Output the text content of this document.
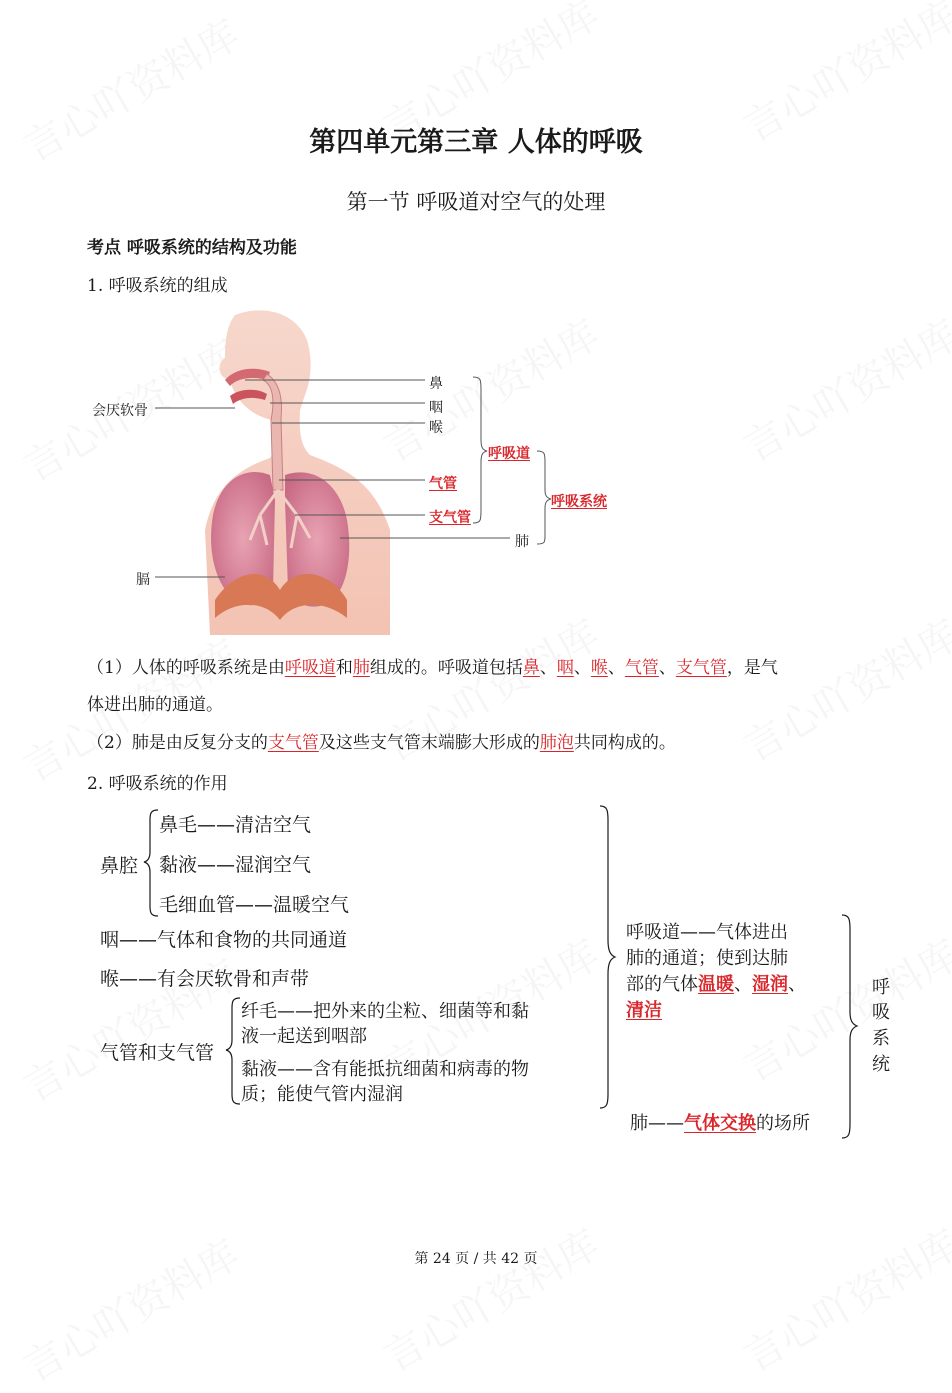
第四单元第三章 人体的呼吸
第一节 呼吸道对空气的处理
考点 呼吸系统的结构及功能
1. 呼吸系统的组成
会厌软骨
膈
鼻
咽
喉
气管
支气管
肺
呼吸道
呼吸系统
（1）人体的呼吸系统是由呼吸道和肺组成的。呼吸道包括鼻、咽、喉、气管、支气管，是气
体进出肺的通道。
（2）肺是由反复分支的支气管及这些支气管末端膨大形成的肺泡共同构成的。
2. 呼吸系统的作用
鼻腔
鼻毛——清洁空气
黏液——湿润空气
毛细血管——温暖空气
咽——气体和食物的共同通道
喉——有会厌软骨和声带
气管和支气管
纤毛——把外来的尘粒、细菌等和黏
液一起送到咽部
黏液——含有能抵抗细菌和病毒的物
质；能使气管内湿润
呼吸道——气体进出
肺的通道；使到达肺
部的气体温暖、湿润、
清洁
肺——气体交换的场所
呼
吸
系
统
第 24 页 / 共 42 页
